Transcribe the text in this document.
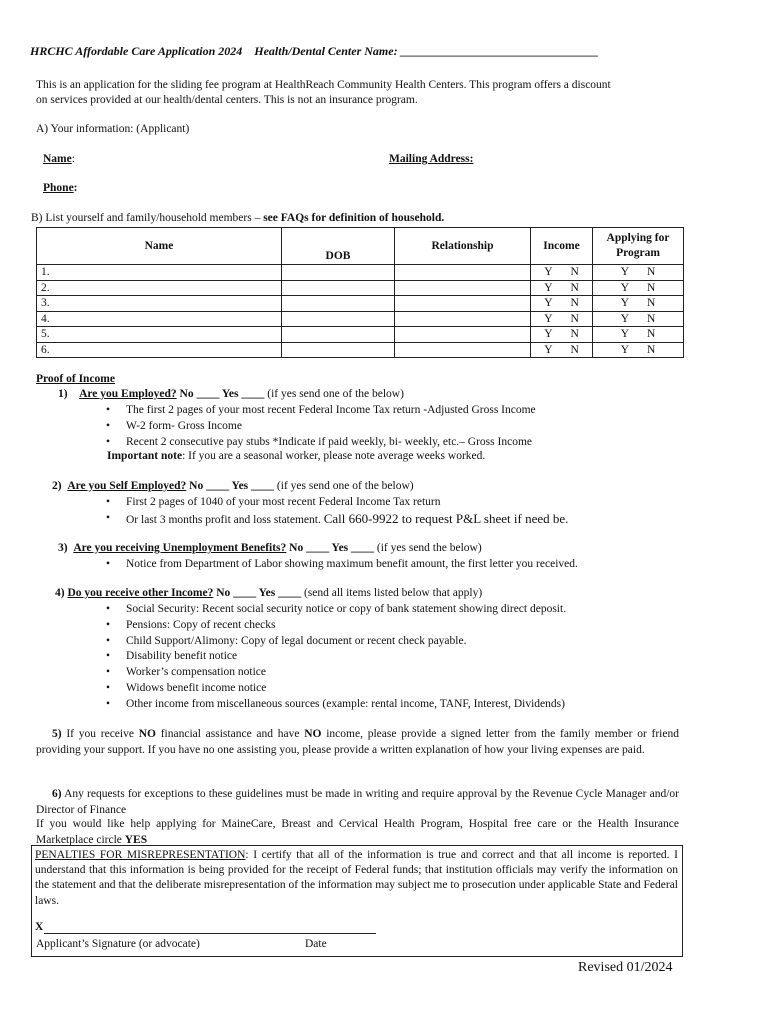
HRCHC Affordable Care Application 2024 Health/Dental Center Name: _________________________________
This is an application for the sliding fee program at HealthReach Community Health Centers. This program offers a discount
on services provided at our health/dental centers. This is not an insurance program.
A) Your information: (Applicant)
Name:	Mailing Address:
Phone:
B) List yourself and family/household members – see FAQs for definition of household.
Name	DOB	Relationship	Income	Applying for Program
1.			Y N	Y N

2.			Y N	Y N

3.			Y N	Y N

4.			Y N	Y N

5.			Y N	Y N

6.			Y N	Y N
Proof of Income
1) Are you Employed? No ____ Yes ____ (if yes send one of the below)
• The first 2 pages of your most recent Federal Income Tax return -Adjusted Gross Income
• W-2 form- Gross Income
• Recent 2 consecutive pay stubs *Indicate if paid weekly, bi- weekly, etc.– Gross Income
Important note: If you are a seasonal worker, please note average weeks worked.
2) Are you Self Employed? No ____ Yes ____ (if yes send one of the below)
• First 2 pages of 1040 of your most recent Federal Income Tax return
• Or last 3 months profit and loss statement. Call 660-9922 to request P&L sheet if need be.
3) Are you receiving Unemployment Benefits? No ____ Yes ____ (if yes send the below)
• Notice from Department of Labor showing maximum benefit amount, the first letter you received.
4) Do you receive other Income? No ____ Yes ____ (send all items listed below that apply)
• Social Security: Recent social security notice or copy of bank statement showing direct deposit.
• Pensions: Copy of recent checks
• Child Support/Alimony: Copy of legal document or recent check payable.
• Disability benefit notice
• Worker’s compensation notice
• Widows benefit income notice
• Other income from miscellaneous sources (example: rental income, TANF, Interest, Dividends)
5) If you receive NO financial assistance and have NO income, please provide a signed letter from the family member or friend providing your support. If you have no one assisting you, please provide a written explanation of how your living expenses are paid.
6) Any requests for exceptions to these guidelines must be made in writing and require approval by the Revenue Cycle Manager and/or Director of Finance
If you would like help applying for MaineCare, Breast and Cervical Health Program, Hospital free care or the Health Insurance Marketplace circle YES
PENALTIES FOR MISREPRESENTATION: I certify that all of the information is true and correct and that all income is reported. I understand that this information is being provided for the receipt of Federal funds; that institution officials may verify the information on the statement and that the deliberate misrepresentation of the information may subject me to prosecution under applicable State and Federal laws.
X
Applicant’s Signature (or advocate)	Date
Revised 01/2024
